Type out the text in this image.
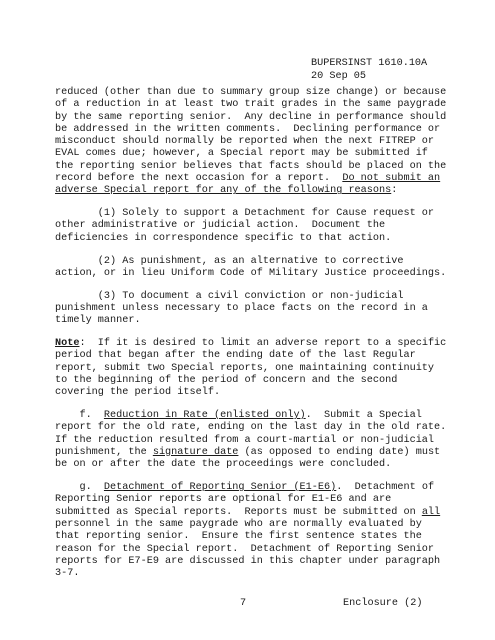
BUPERSINST 1610.10A
20 Sep 05

reduced (other than due to summary group size change) or because
of a reduction in at least two trait grades in the same paygrade
by the same reporting senior.  Any decline in performance should
be addressed in the written comments.  Declining performance or
misconduct should normally be reported when the next FITREP or
EVAL comes due; however, a Special report may be submitted if
the reporting senior believes that facts should be placed on the
record before the next occasion for a report.  Do not submit an
adverse Special report for any of the following reasons:

(1) Solely to support a Detachment for Cause request or
other administrative or judicial action.  Document the
deficiencies in correspondence specific to that action.

(2) As punishment, as an alternative to corrective
action, or in lieu Uniform Code of Military Justice proceedings.

(3) To document a civil conviction or non-judicial
punishment unless necessary to place facts on the record in a
timely manner.

Note:  If it is desired to limit an adverse report to a specific
period that began after the ending date of the last Regular
report, submit two Special reports, one maintaining continuity
to the beginning of the period of concern and the second
covering the period itself.

f.  Reduction in Rate (enlisted only).  Submit a Special
report for the old rate, ending on the last day in the old rate.
If the reduction resulted from a court-martial or non-judicial
punishment, the signature date (as opposed to ending date) must
be on or after the date the proceedings were concluded.

g.  Detachment of Reporting Senior (E1-E6).  Detachment of
Reporting Senior reports are optional for E1-E6 and are
submitted as Special reports.  Reports must be submitted on all
personnel in the same paygrade who are normally evaluated by
that reporting senior.  Ensure the first sentence states the
reason for the Special report.  Detachment of Reporting Senior
reports for E7-E9 are discussed in this chapter under paragraph
3-7.

7	Enclosure (2)
